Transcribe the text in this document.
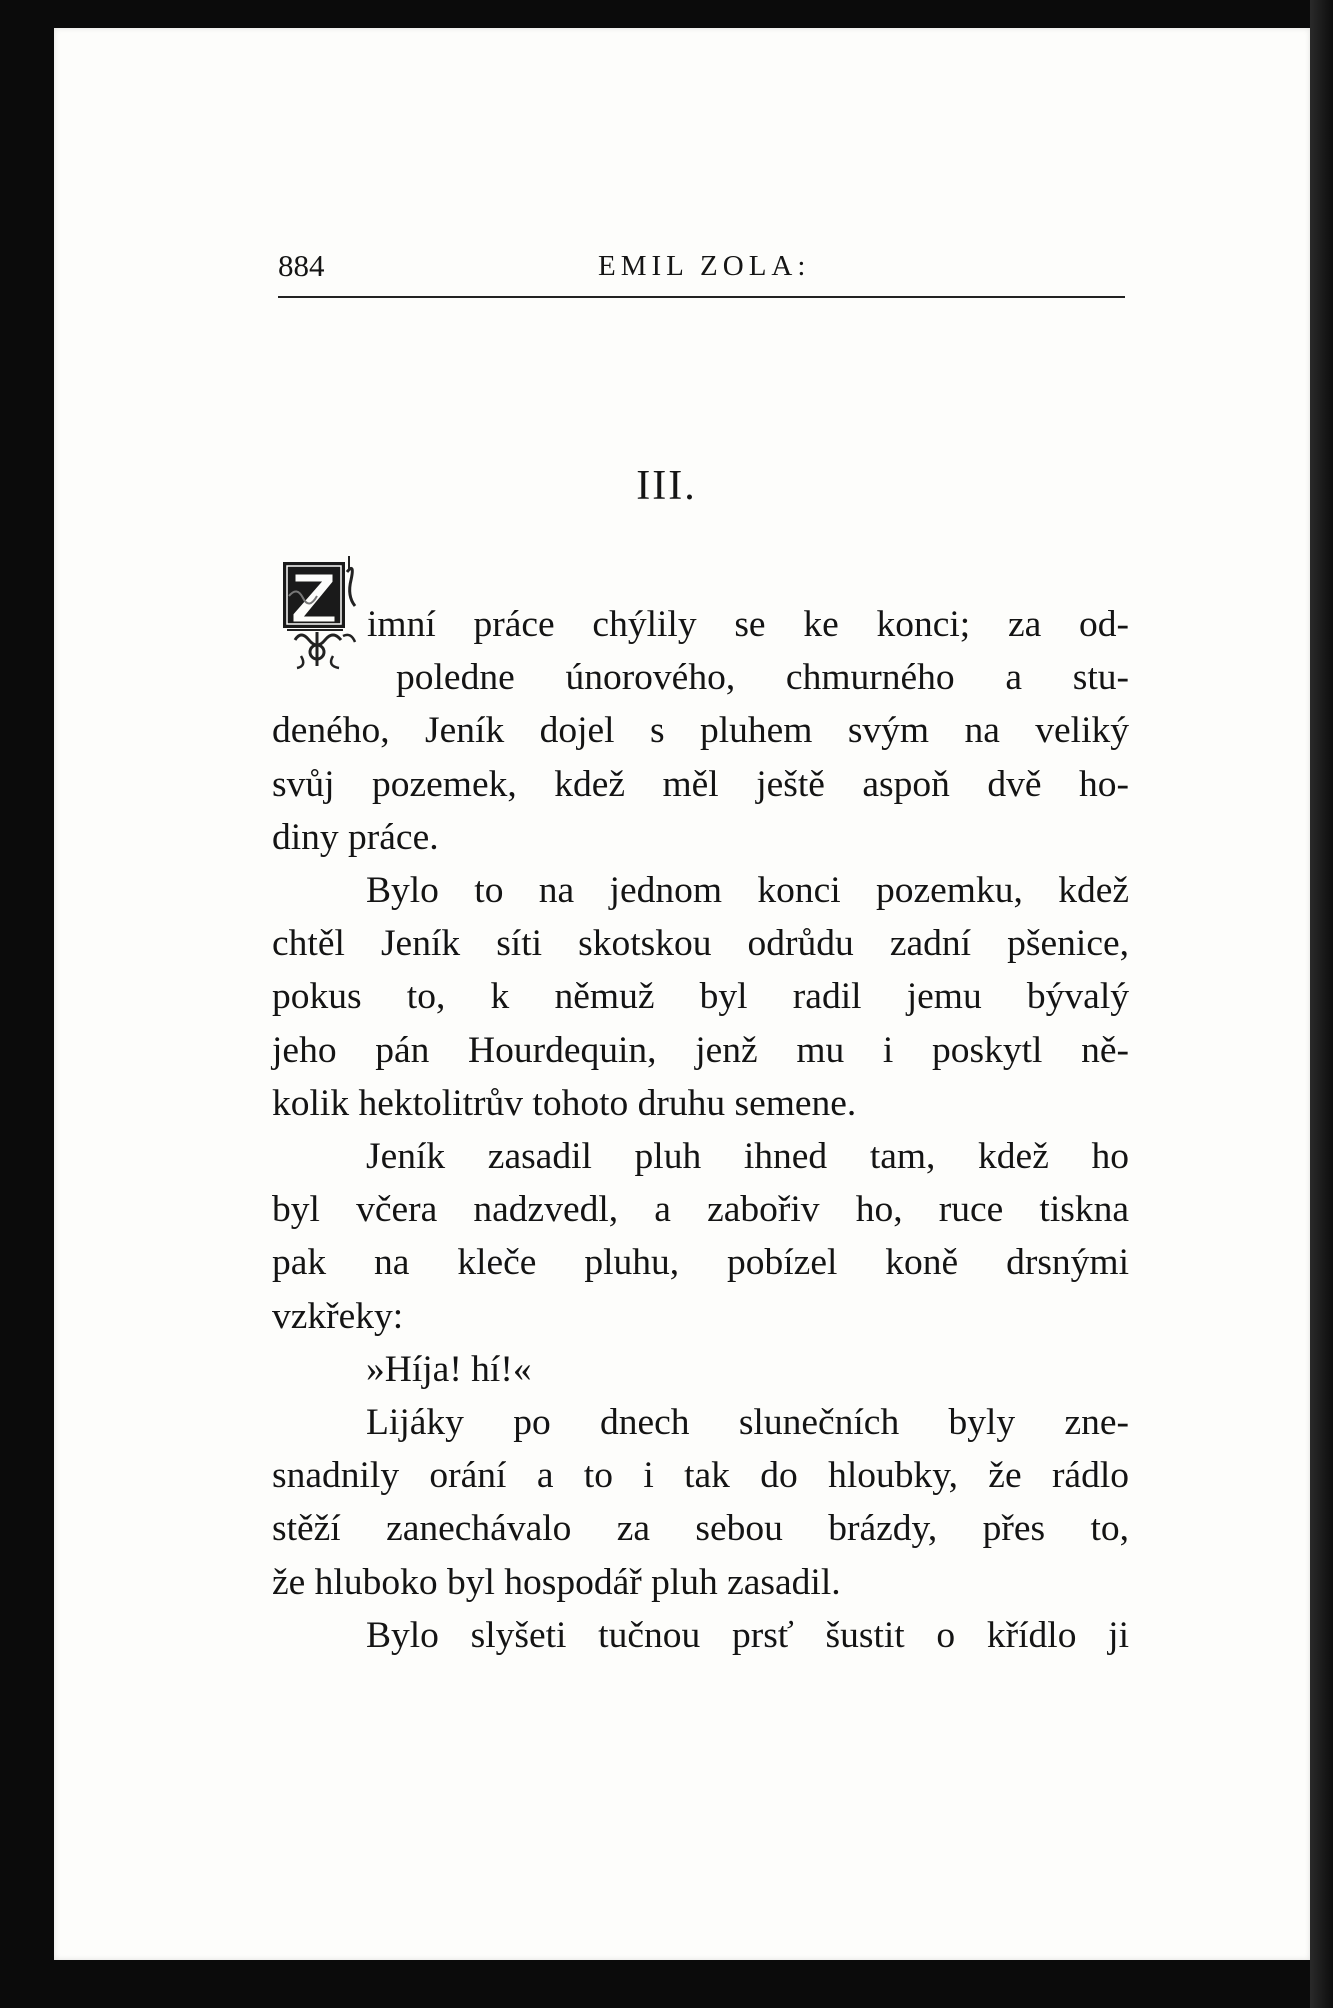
884	EMIL ZOLA:
III.
imní práce chýlily se ke konci; za od-
poledne únorového, chmurného a stu-
deného, Jeník dojel s pluhem svým na veliký
svůj pozemek, kdež měl ještě aspoň dvě ho-
diny práce.
Bylo to na jednom konci pozemku, kdež
chtěl Jeník síti skotskou odrůdu zadní pšenice,
pokus to, k němuž byl radil jemu bývalý
jeho pán Hourdequin, jenž mu i poskytl ně-
kolik hektolitrův tohoto druhu semene.
Jeník zasadil pluh ihned tam, kdež ho
byl včera nadzvedl, a zabořiv ho, ruce tiskna
pak na kleče pluhu, pobízel koně drsnými
vzkřeky:
»Híja! hí!«
Lijáky po dnech slunečních byly zne-
snadnily orání a to i tak do hloubky, že rádlo
stěží zanechávalo za sebou brázdy, přes to,
že hluboko byl hospodář pluh zasadil.
Bylo slyšeti tučnou prsť šustit o křídlo ji
